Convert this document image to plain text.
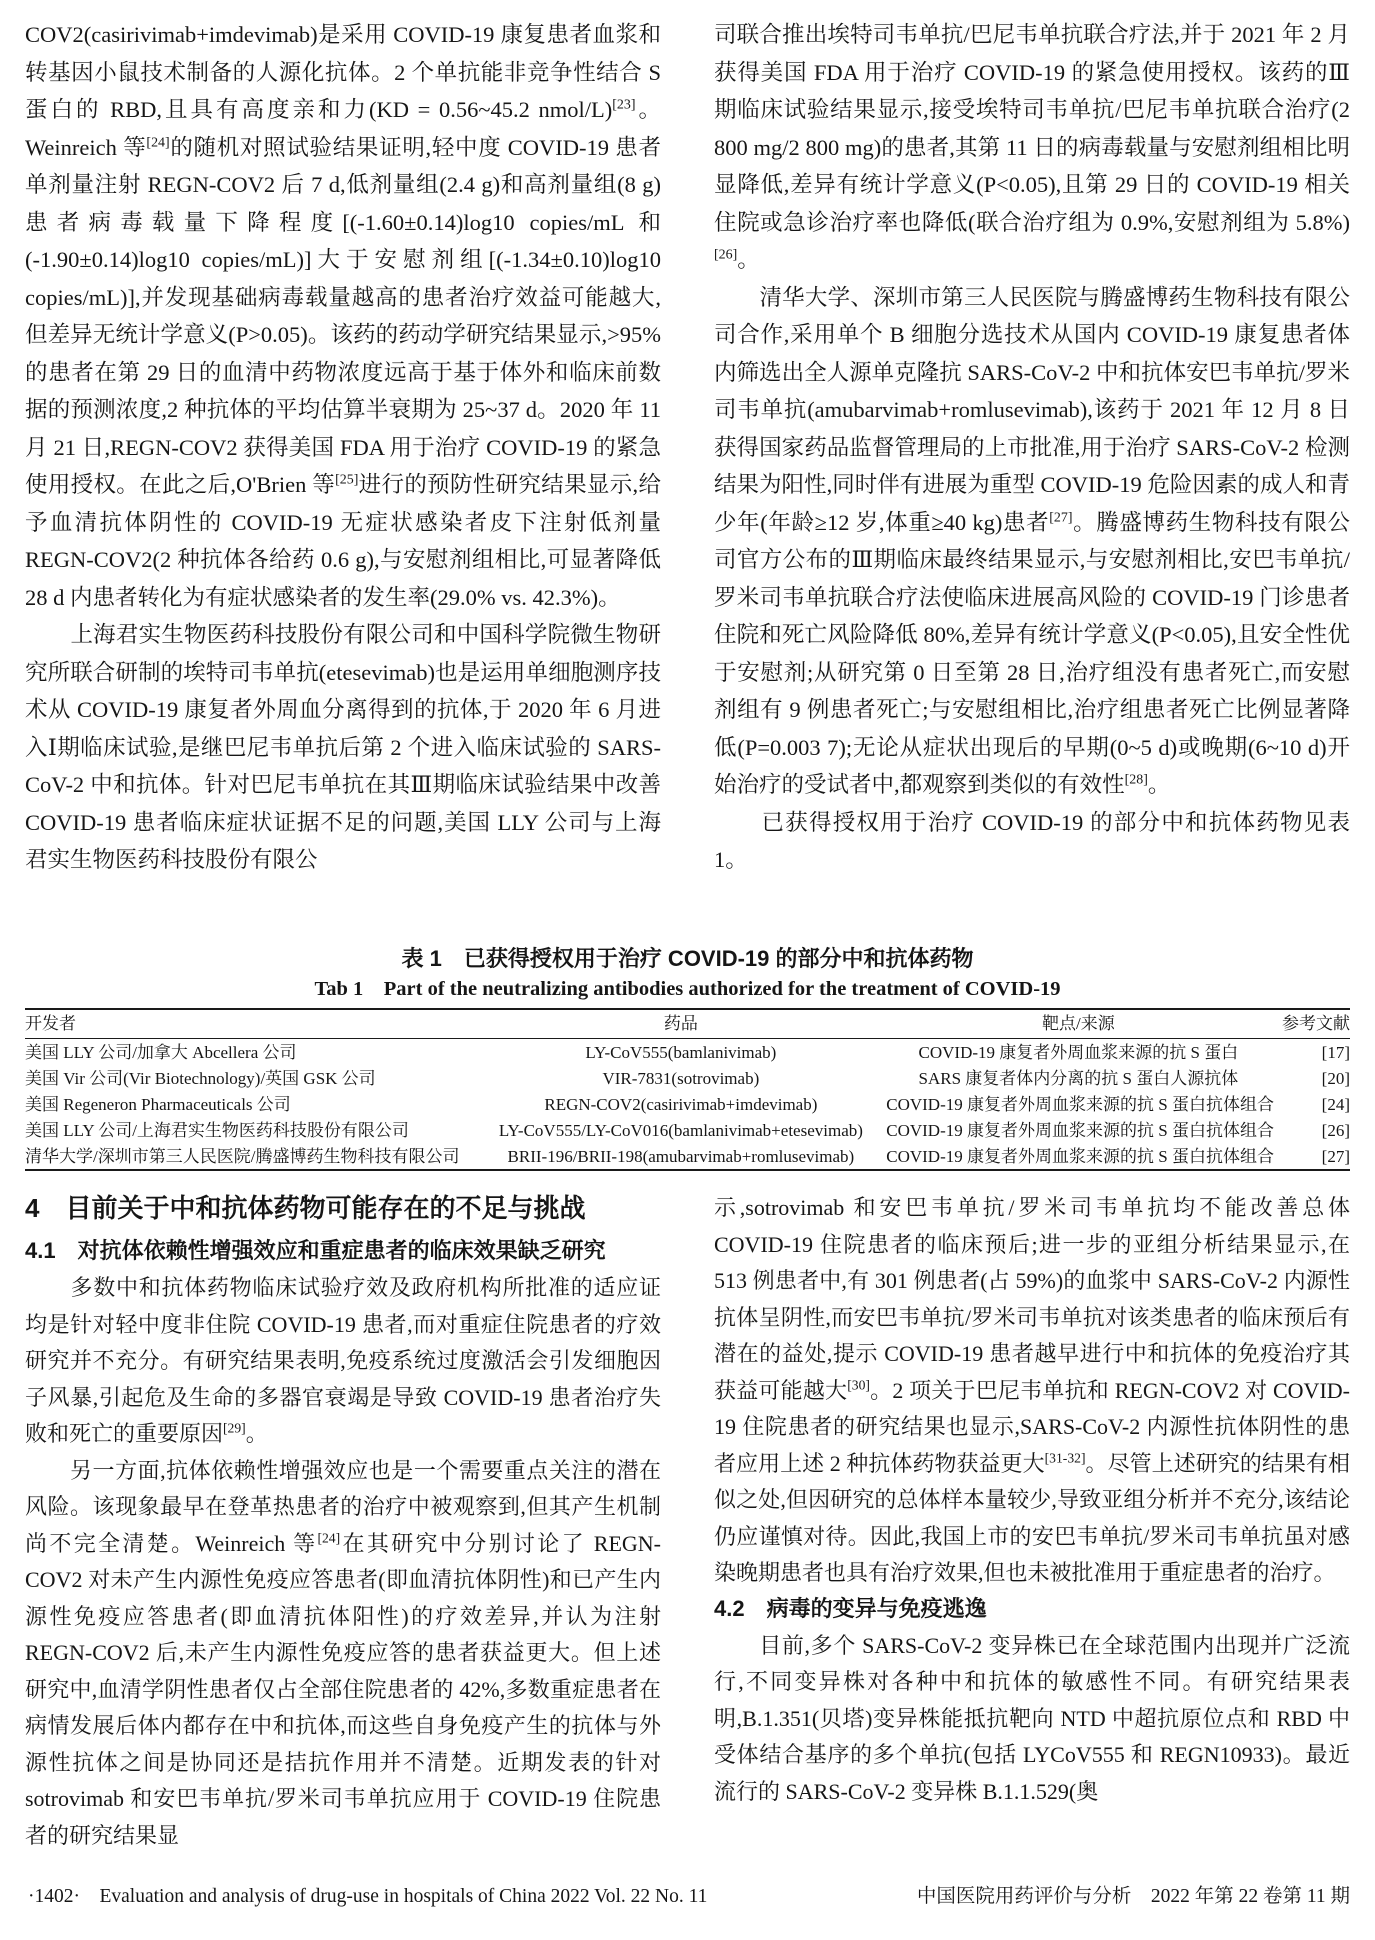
COV2(casirivimab+imdevimab)是采用 COVID-19 康复患者血浆和转基因小鼠技术制备的人源化抗体。2 个单抗能非竞争性结合 S 蛋白的 RBD,且具有高度亲和力(KD = 0.56~45.2 nmol/L)[23]。Weinreich 等[24]的随机对照试验结果证明,轻中度 COVID-19 患者单剂量注射 REGN-COV2 后 7 d,低剂量组(2.4 g)和高剂量组(8 g)患者病毒载量下降程度[(-1.60±0.14)log10 copies/mL 和(-1.90±0.14)log10 copies/mL)]大于安慰剂组[(-1.34±0.10)log10 copies/mL)],并发现基础病毒载量越高的患者治疗效益可能越大,但差异无统计学意义(P>0.05)。该药的药动学研究结果显示,>95%的患者在第 29 日的血清中药物浓度远高于基于体外和临床前数据的预测浓度,2 种抗体的平均估算半衰期为 25~37 d。2020 年 11 月 21 日,REGN-COV2 获得美国 FDA 用于治疗 COVID-19 的紧急使用授权。在此之后,O'Brien 等[25]进行的预防性研究结果显示,给予血清抗体阴性的 COVID-19 无症状感染者皮下注射低剂量 REGN-COV2(2 种抗体各给药 0.6 g),与安慰剂组相比,可显著降低 28 d 内患者转化为有症状感染者的发生率(29.0% vs. 42.3%)。

　　上海君实生物医药科技股份有限公司和中国科学院微生物研究所联合研制的埃特司韦单抗(etesevimab)也是运用单细胞测序技术从 COVID-19 康复者外周血分离得到的抗体,于 2020 年 6 月进入Ⅰ期临床试验,是继巴尼韦单抗后第 2 个进入临床试验的 SARS-CoV-2 中和抗体。针对巴尼韦单抗在其Ⅲ期临床试验结果中改善 COVID-19 患者临床症状证据不足的问题,美国 LLY 公司与上海君实生物医药科技股份有限公

司联合推出埃特司韦单抗/巴尼韦单抗联合疗法,并于 2021 年 2 月获得美国 FDA 用于治疗 COVID-19 的紧急使用授权。该药的Ⅲ期临床试验结果显示,接受埃特司韦单抗/巴尼韦单抗联合治疗(2 800 mg/2 800 mg)的患者,其第 11 日的病毒载量与安慰剂组相比明显降低,差异有统计学意义(P<0.05),且第 29 日的 COVID-19 相关住院或急诊治疗率也降低(联合治疗组为 0.9%,安慰剂组为 5.8%)[26]。

　　清华大学、深圳市第三人民医院与腾盛博药生物科技有限公司合作,采用单个 B 细胞分选技术从国内 COVID-19 康复患者体内筛选出全人源单克隆抗 SARS-CoV-2 中和抗体安巴韦单抗/罗米司韦单抗(amubarvimab+romlusevimab),该药于 2021 年 12 月 8 日获得国家药品监督管理局的上市批准,用于治疗 SARS-CoV-2 检测结果为阳性,同时伴有进展为重型 COVID-19 危险因素的成人和青少年(年龄≥12 岁,体重≥40 kg)患者[27]。腾盛博药生物科技有限公司官方公布的Ⅲ期临床最终结果显示,与安慰剂相比,安巴韦单抗/罗米司韦单抗联合疗法使临床进展高风险的 COVID-19 门诊患者住院和死亡风险降低 80%,差异有统计学意义(P<0.05),且安全性优于安慰剂;从研究第 0 日至第 28 日,治疗组没有患者死亡,而安慰剂组有 9 例患者死亡;与安慰组相比,治疗组患者死亡比例显著降低(P=0.003 7);无论从症状出现后的早期(0~5 d)或晚期(6~10 d)开始治疗的受试者中,都观察到类似的有效性[28]。

　　已获得授权用于治疗 COVID-19 的部分中和抗体药物见表 1。

表 1　已获得授权用于治疗 COVID-19 的部分中和抗体药物
Tab 1　Part of the neutralizing antibodies authorized for the treatment of COVID-19
开发者	药品	靶点/来源	参考文献
美国 LLY 公司/加拿大 Abcellera 公司	LY-CoV555(bamlanivimab)	COVID-19 康复者外周血浆来源的抗 S 蛋白	[17]
美国 Vir 公司(Vir Biotechnology)/英国 GSK 公司	VIR-7831(sotrovimab)	SARS 康复者体内分离的抗 S 蛋白人源抗体	[20]
美国 Regeneron Pharmaceuticals 公司	REGN-COV2(casirivimab+imdevimab)	COVID-19 康复者外周血浆来源的抗 S 蛋白抗体组合	[24]
美国 LLY 公司/上海君实生物医药科技股份有限公司	LY-CoV555/LY-CoV016(bamlanivimab+etesevimab)	COVID-19 康复者外周血浆来源的抗 S 蛋白抗体组合	[26]
清华大学/深圳市第三人民医院/腾盛博药生物科技有限公司	BRII-196/BRII-198(amubarvimab+romlusevimab)	COVID-19 康复者外周血浆来源的抗 S 蛋白抗体组合	[27]
4　目前关于中和抗体药物可能存在的不足与挑战
4.1　对抗体依赖性增强效应和重症患者的临床效果缺乏研究

　　多数中和抗体药物临床试验疗效及政府机构所批准的适应证均是针对轻中度非住院 COVID-19 患者,而对重症住院患者的疗效研究并不充分。有研究结果表明,免疫系统过度激活会引发细胞因子风暴,引起危及生命的多器官衰竭是导致 COVID-19 患者治疗失败和死亡的重要原因[29]。

　　另一方面,抗体依赖性增强效应也是一个需要重点关注的潜在风险。该现象最早在登革热患者的治疗中被观察到,但其产生机制尚不完全清楚。Weinreich 等[24]在其研究中分别讨论了 REGN-COV2 对未产生内源性免疫应答患者(即血清抗体阴性)和已产生内源性免疫应答患者(即血清抗体阳性)的疗效差异,并认为注射 REGN-COV2 后,未产生内源性免疫应答的患者获益更大。但上述研究中,血清学阴性患者仅占全部住院患者的 42%,多数重症患者在病情发展后体内都存在中和抗体,而这些自身免疫产生的抗体与外源性抗体之间是协同还是拮抗作用并不清楚。近期发表的针对 sotrovimab 和安巴韦单抗/罗米司韦单抗应用于 COVID-19 住院患者的研究结果显

示,sotrovimab 和安巴韦单抗/罗米司韦单抗均不能改善总体 COVID-19 住院患者的临床预后;进一步的亚组分析结果显示,在 513 例患者中,有 301 例患者(占 59%)的血浆中 SARS-CoV-2 内源性抗体呈阴性,而安巴韦单抗/罗米司韦单抗对该类患者的临床预后有潜在的益处,提示 COVID-19 患者越早进行中和抗体的免疫治疗其获益可能越大[30]。2 项关于巴尼韦单抗和 REGN-COV2 对 COVID-19 住院患者的研究结果也显示,SARS-CoV-2 内源性抗体阴性的患者应用上述 2 种抗体药物获益更大[31-32]。尽管上述研究的结果有相似之处,但因研究的总体样本量较少,导致亚组分析并不充分,该结论仍应谨慎对待。因此,我国上市的安巴韦单抗/罗米司韦单抗虽对感染晚期患者也具有治疗效果,但也未被批准用于重症患者的治疗。

4.2　病毒的变异与免疫逃逸

　　目前,多个 SARS-CoV-2 变异株已在全球范围内出现并广泛流行,不同变异株对各种中和抗体的敏感性不同。有研究结果表明,B.1.351(贝塔)变异株能抵抗靶向 NTD 中超抗原位点和 RBD 中受体结合基序的多个单抗(包括 LYCoV555 和 REGN10933)。最近流行的 SARS-CoV-2 变异株 B.1.1.529(奥

·1402·　Evaluation and analysis of drug-use in hospitals of China 2022 Vol. 22 No. 11	中国医院用药评价与分析　2022 年第 22 卷第 11 期
